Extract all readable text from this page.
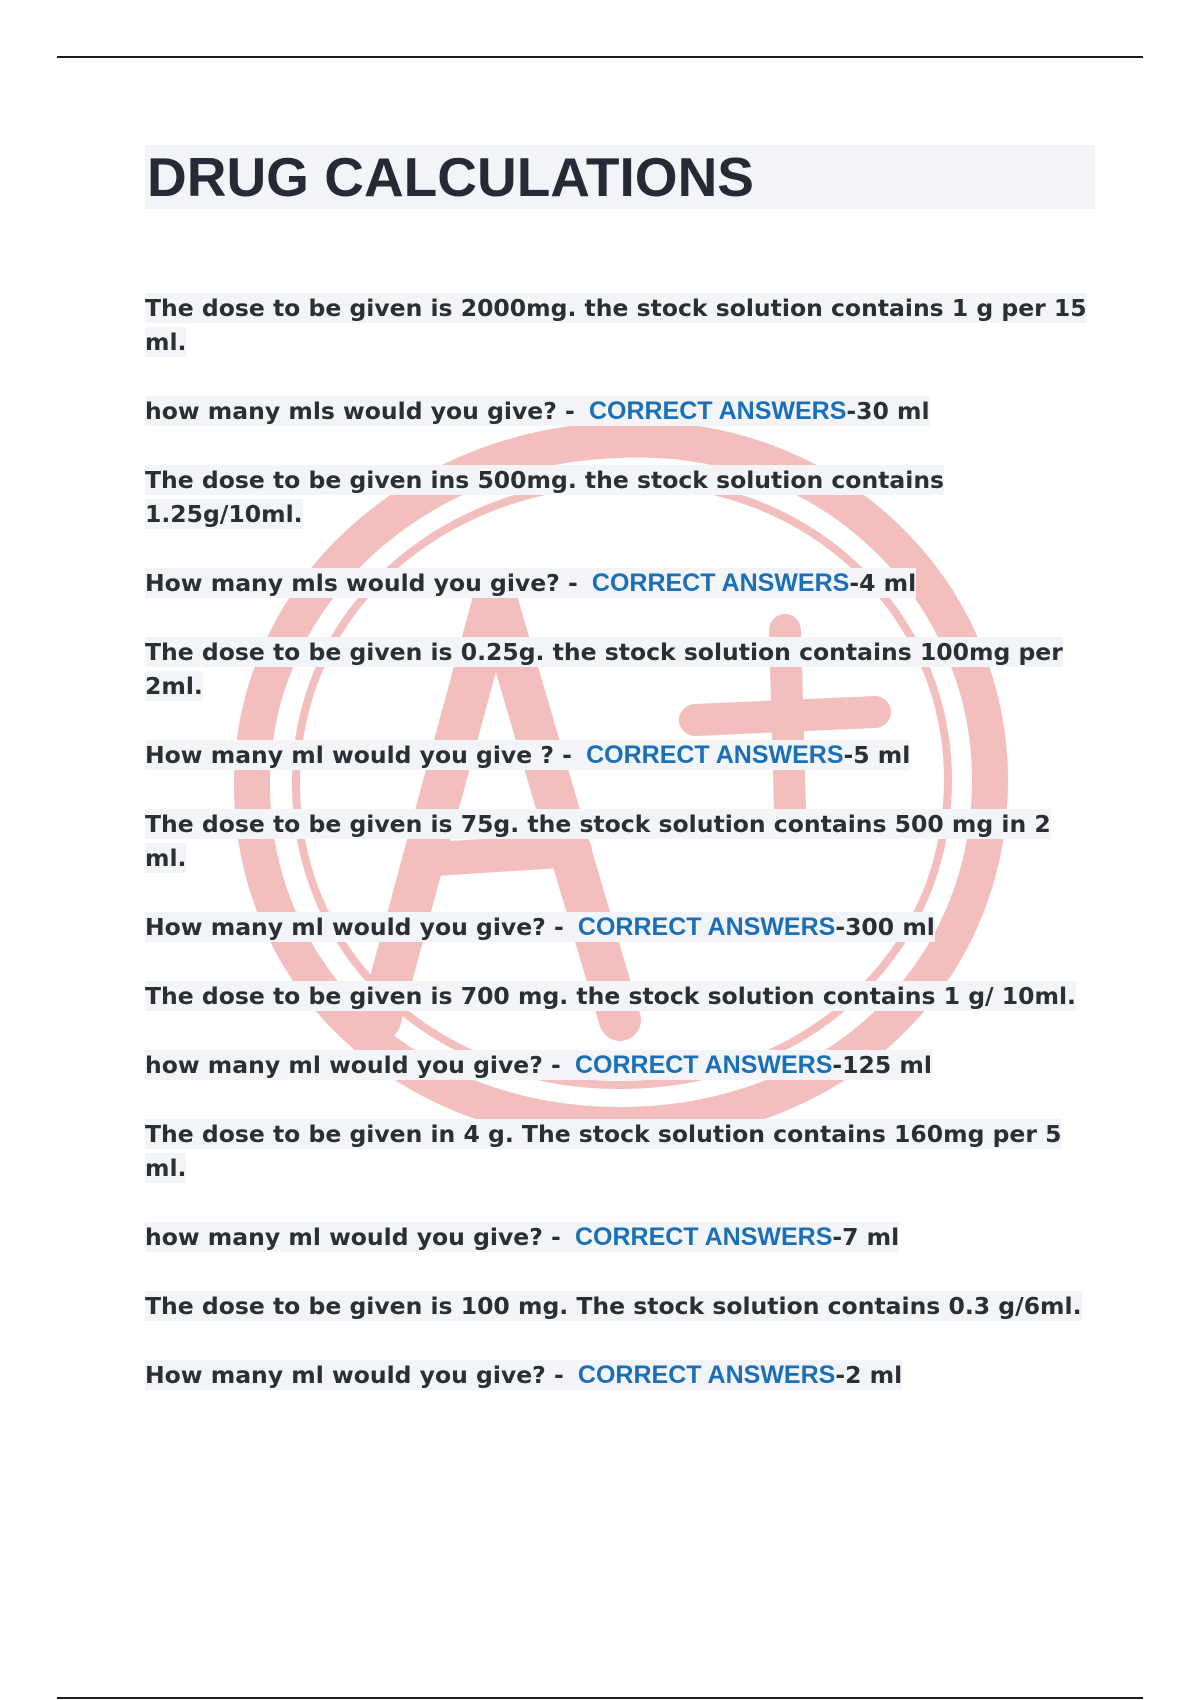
DRUG CALCULATIONS

The dose to be given is 2000mg. the stock solution contains 1 g per 15 ml.

how many mls would you give? - CORRECT ANSWERS-30 ml

The dose to be given ins 500mg. the stock solution contains 1.25g/10ml.

How many mls would you give? - CORRECT ANSWERS-4 ml

The dose to be given is 0.25g. the stock solution contains 100mg per 2ml.

How many ml would you give ? - CORRECT ANSWERS-5 ml

The dose to be given is 75g. the stock solution contains 500 mg in 2 ml.

How many ml would you give? - CORRECT ANSWERS-300 ml

The dose to be given is 700 mg. the stock solution contains 1 g/ 10ml.

how many ml would you give? - CORRECT ANSWERS-125 ml

The dose to be given in 4 g. The stock solution contains 160mg per 5 ml.

how many ml would you give? - CORRECT ANSWERS-7 ml

The dose to be given is 100 mg. The stock solution contains 0.3 g/6ml.

How many ml would you give? - CORRECT ANSWERS-2 ml
